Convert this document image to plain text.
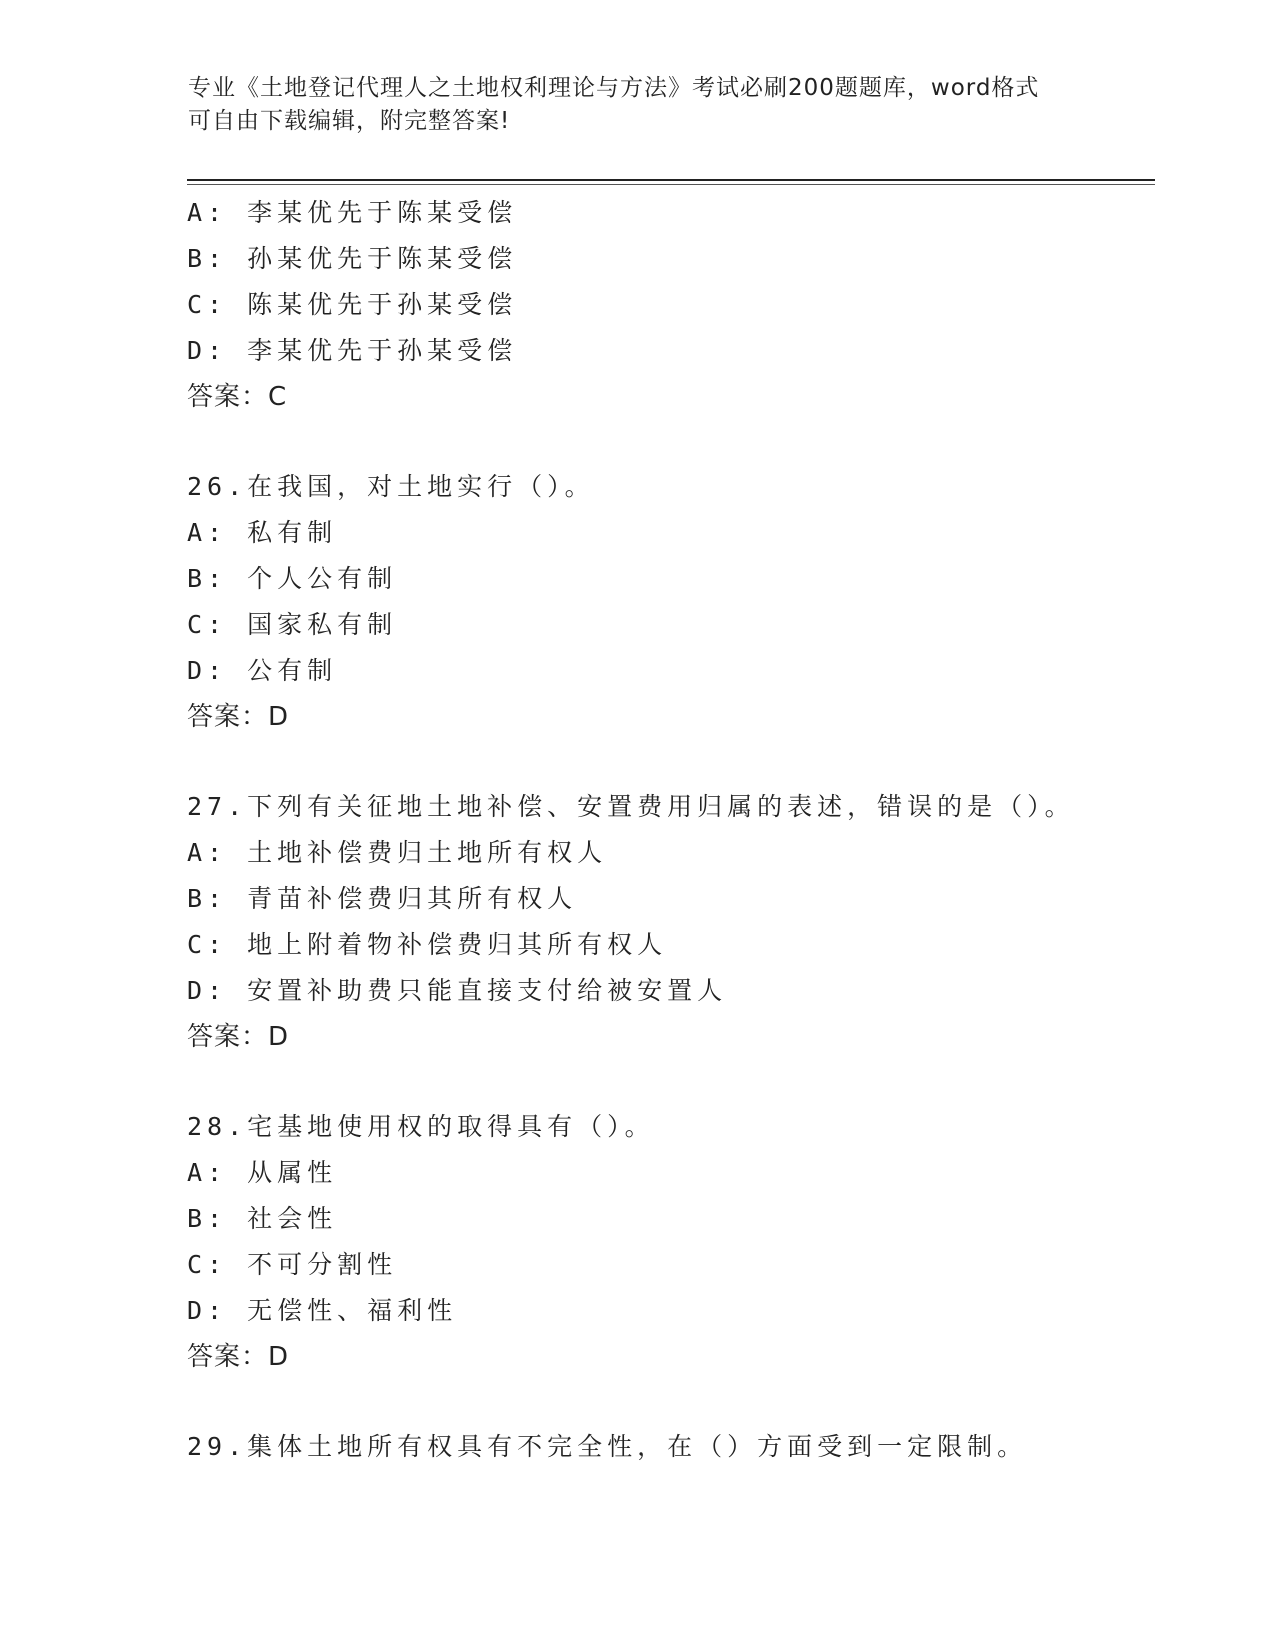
专业《土地登记代理人之土地权利理论与方法》考试必刷200题题库，word格式
可自由下载编辑，附完整答案!
A: 李某优先于陈某受偿
B: 孙某优先于陈某受偿
C: 陈某优先于孙某受偿
D: 李某优先于孙某受偿
答案：C
26.在我国，对土地实行（）。
A: 私有制
B: 个人公有制
C: 国家私有制
D: 公有制
答案：D
27.下列有关征地土地补偿、安置费用归属的表述，错误的是（）。
A: 土地补偿费归土地所有权人
B: 青苗补偿费归其所有权人
C: 地上附着物补偿费归其所有权人
D: 安置补助费只能直接支付给被安置人
答案：D
28.宅基地使用权的取得具有（）。
A: 从属性
B: 社会性
C: 不可分割性
D: 无偿性、福利性
答案：D
29.集体土地所有权具有不完全性，在（）方面受到一定限制。
